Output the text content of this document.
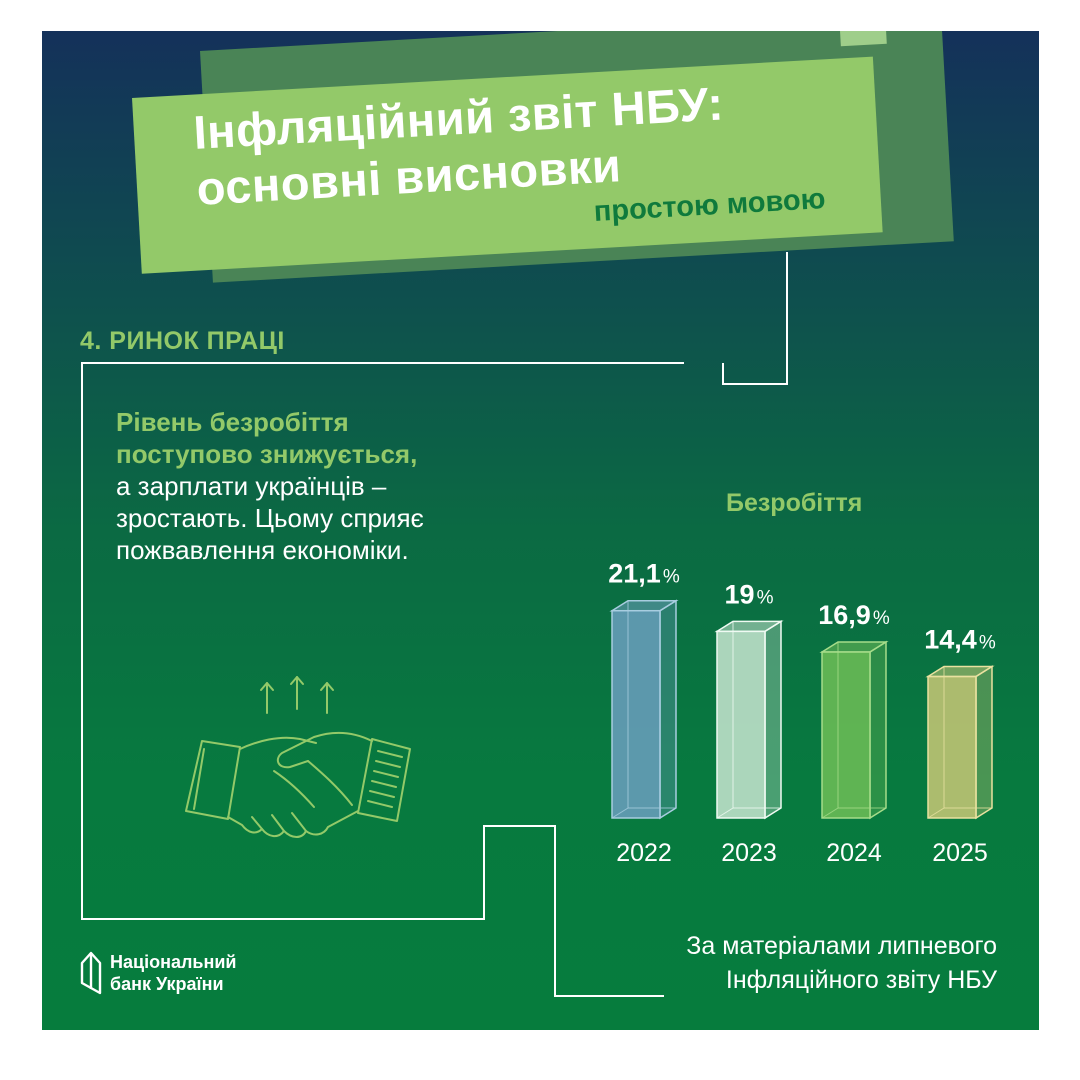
Інфляційний звіт НБУ:
основні висновки
простою мовою
4. РИНОК ПРАЦІ
Рівень безробіття
поступово знижується,
а зарплати українців –
зростають. Цьому сприяє
пожвавлення економіки.
Безробіття
21,1 %
2022
19 %
2023
16,9 %
2024
14,4 %
2025
За матеріалами липневого
Інфляційного звіту НБУ
Національний
банк України
